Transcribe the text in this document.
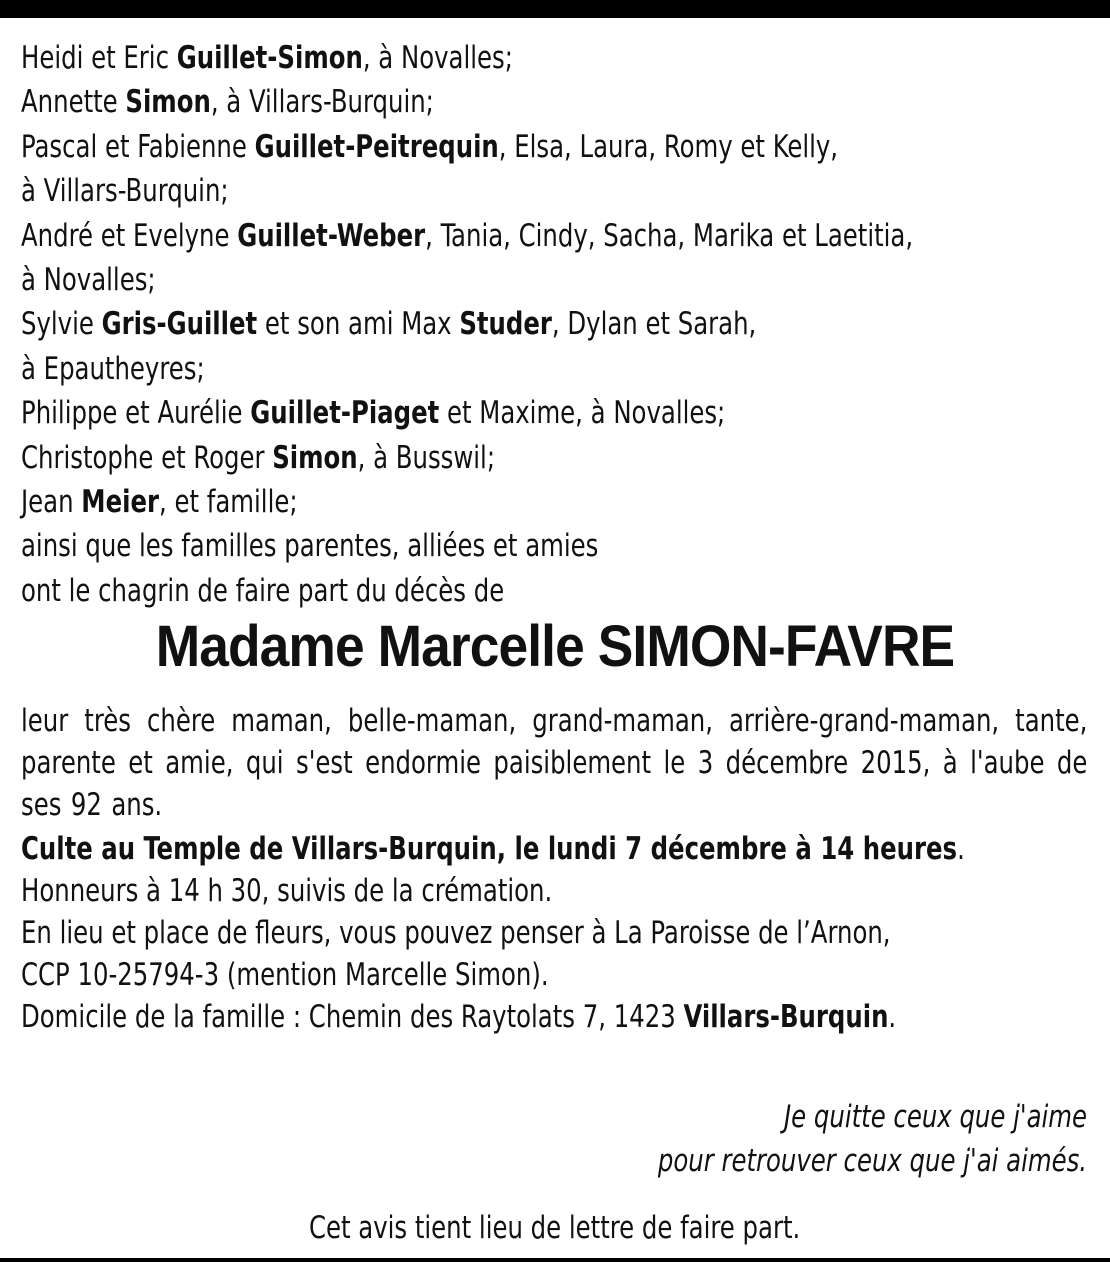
Heidi et Eric Guillet-Simon, à Novalles;
Annette Simon, à Villars-Burquin;
Pascal et Fabienne Guillet-Peitrequin, Elsa, Laura, Romy et Kelly,
à Villars-Burquin;
André et Evelyne Guillet-Weber, Tania, Cindy, Sacha, Marika et Laetitia,
à Novalles;
Sylvie Gris-Guillet et son ami Max Studer, Dylan et Sarah,
à Epautheyres;
Philippe et Aurélie Guillet-Piaget et Maxime, à Novalles;
Christophe et Roger Simon, à Busswil;
Jean Meier, et famille;
ainsi que les familles parentes, alliées et amies
ont le chagrin de faire part du décès de
Madame Marcelle SIMON-FAVRE

leur très chère maman, belle-maman, grand-maman, arrière-grand-maman, tante, parente et amie, qui s'est endormie paisiblement le 3 décembre 2015, à l'aube de ses 92 ans.

Culte au Temple de Villars-Burquin, le lundi 7 décembre à 14 heures.

Honneurs à 14 h 30, suivis de la crémation.
En lieu et place de fleurs, vous pouvez penser à La Paroisse de l’Arnon,
CCP 10-25794-3 (mention Marcelle Simon).
Domicile de la famille : Chemin des Raytolats 7, 1423 Villars-Burquin.
Je quitte ceux que j'aime
pour retrouver ceux que j'ai aimés.
Cet avis tient lieu de lettre de faire part.
